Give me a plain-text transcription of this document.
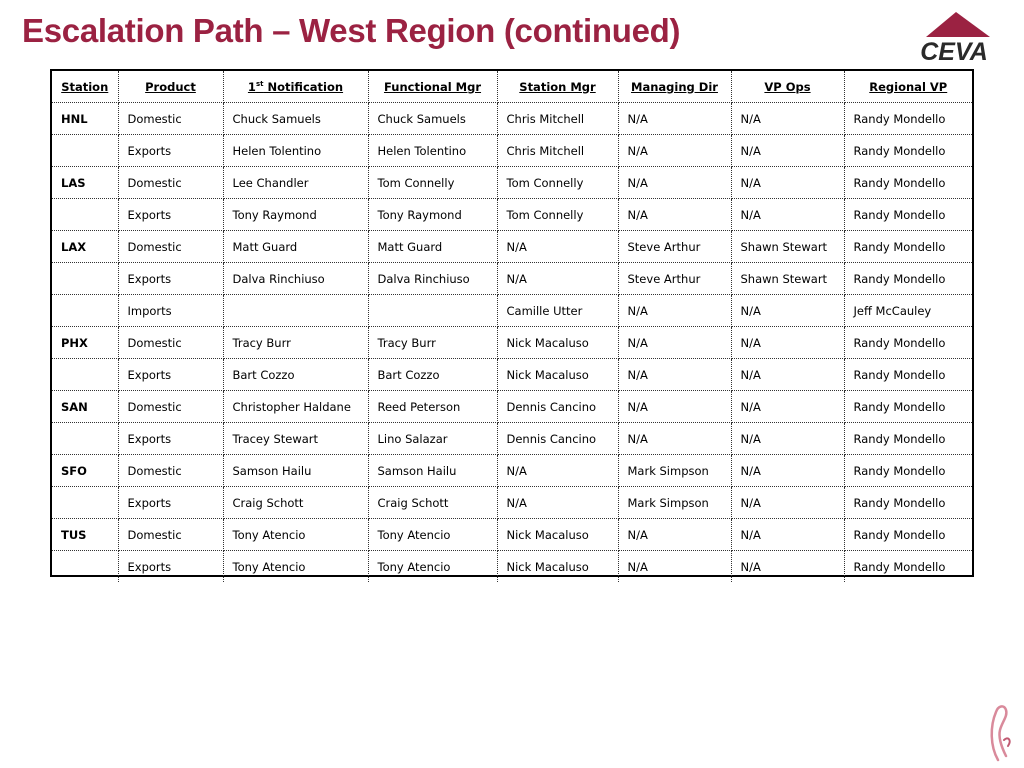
Escalation Path – West Region (continued)
CEVA
Station	Product	1st Notification	Functional Mgr	Station Mgr	Managing Dir	VP Ops	Regional VP
HNL	Domestic	Chuck Samuels	Chuck Samuels	Chris Mitchell	N/A	N/A	Randy Mondello
	Exports	Helen Tolentino	Helen Tolentino	Chris Mitchell	N/A	N/A	Randy Mondello
LAS	Domestic	Lee Chandler	Tom Connelly	Tom Connelly	N/A	N/A	Randy Mondello
	Exports	Tony Raymond	Tony Raymond	Tom Connelly	N/A	N/A	Randy Mondello
LAX	Domestic	Matt Guard	Matt Guard	N/A	Steve Arthur	Shawn Stewart	Randy Mondello
	Exports	Dalva Rinchiuso	Dalva Rinchiuso	N/A	Steve Arthur	Shawn Stewart	Randy Mondello
	Imports			Camille Utter	N/A	N/A	Jeff McCauley
PHX	Domestic	Tracy Burr	Tracy Burr	Nick Macaluso	N/A	N/A	Randy Mondello
	Exports	Bart Cozzo	Bart Cozzo	Nick Macaluso	N/A	N/A	Randy Mondello
SAN	Domestic	Christopher Haldane	Reed Peterson	Dennis Cancino	N/A	N/A	Randy Mondello
	Exports	Tracey Stewart	Lino Salazar	Dennis Cancino	N/A	N/A	Randy Mondello
SFO	Domestic	Samson Hailu	Samson Hailu	N/A	Mark Simpson	N/A	Randy Mondello
	Exports	Craig Schott	Craig Schott	N/A	Mark Simpson	N/A	Randy Mondello
TUS	Domestic	Tony Atencio	Tony Atencio	Nick Macaluso	N/A	N/A	Randy Mondello
	Exports	Tony Atencio	Tony Atencio	Nick Macaluso	N/A	N/A	Randy Mondello
